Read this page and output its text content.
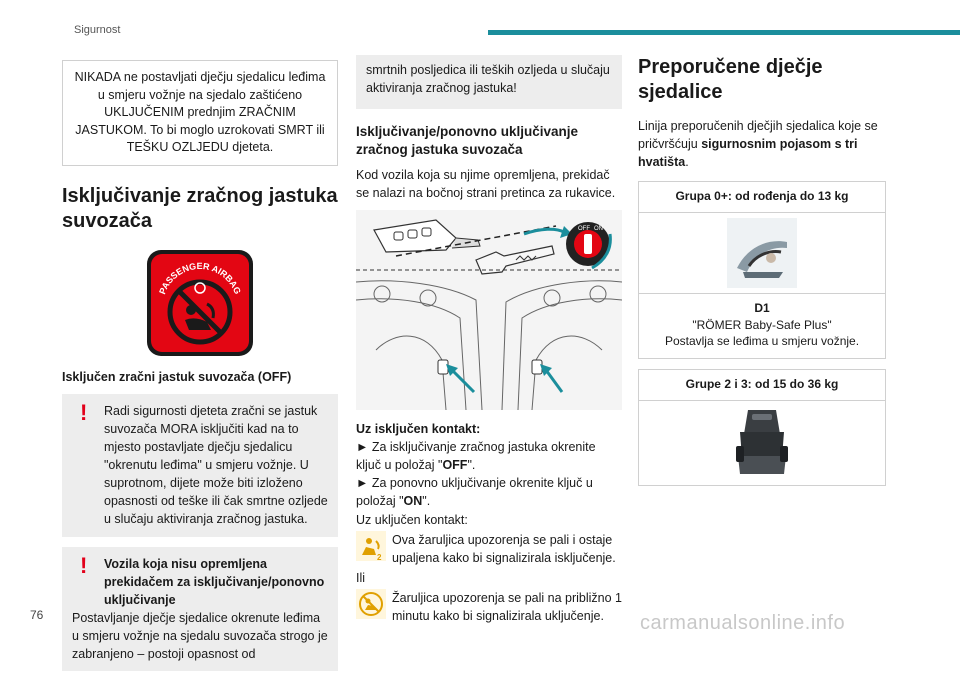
Sigurnost
NIKADA ne postavljati dječju sjedalicu leđima u smjeru vožnje na sjedalo zaštićeno UKLJUČENIM prednjim ZRAČNIM JASTUKOM. To bi moglo uzrokovati SMRT ili TEŠKU OZLJEDU djeteta.
Isključivanje zračnog jastuka suvozača
PASSENGER AIRBAG
Isključen zračni jastuk suvozača (OFF)
!	Radi sigurnosti djeteta zračni se jastuk suvozača MORA isključiti kad na to mjesto postavljate dječju sjedalicu "okrenutu leđima" u smjeru vožnje. U suprotnom, dijete može biti izloženo opasnosti od teške ili čak smrtne ozljede u slučaju aktiviranja zračnog jastuka.

!	Vozila koja nisu opremljena prekidačem za isključivanje/ponovno uključivanje

Postavljanje dječje sjedalice okrenute leđima u smjeru vožnje na sjedalu suvozača strogo je zabranjeno – postoji opasnost od

smrtnih posljedica ili teških ozljeda u slučaju aktiviranja zračnog jastuka!

Isključivanje/ponovno uključivanje zračnog jastuka suvozača

Kod vozila koja su njime opremljena, prekidač se nalazi na bočnoj strani pretinca za rukavice.

OFF ON

Uz isključen kontakt:

► Za isključivanje zračnog jastuka okrenite ključ u položaj "OFF".

► Za ponovno uključivanje okrenite ključ u položaj "ON".

Uz uključen kontakt:

2

Ova žaruljica upozorenja se pali i ostaje upaljena kako bi signalizirala isključenje.

Ili

Žaruljica upozorenja se pali na približno 1 minutu kako bi signalizirala uključenje.

Preporučene dječje sjedalice

Linija preporučenih dječjih sjedalica koje se pričvršćuju sigurnosnim pojasom s tri hvatišta.

Grupa 0+: od rođenja do 13 kg
D1
"RÖMER Baby-Safe Plus"
Postavlja se leđima u smjeru vožnje.
Grupe 2 i 3: od 15 do 36 kg
76	carmanualsonline.info
